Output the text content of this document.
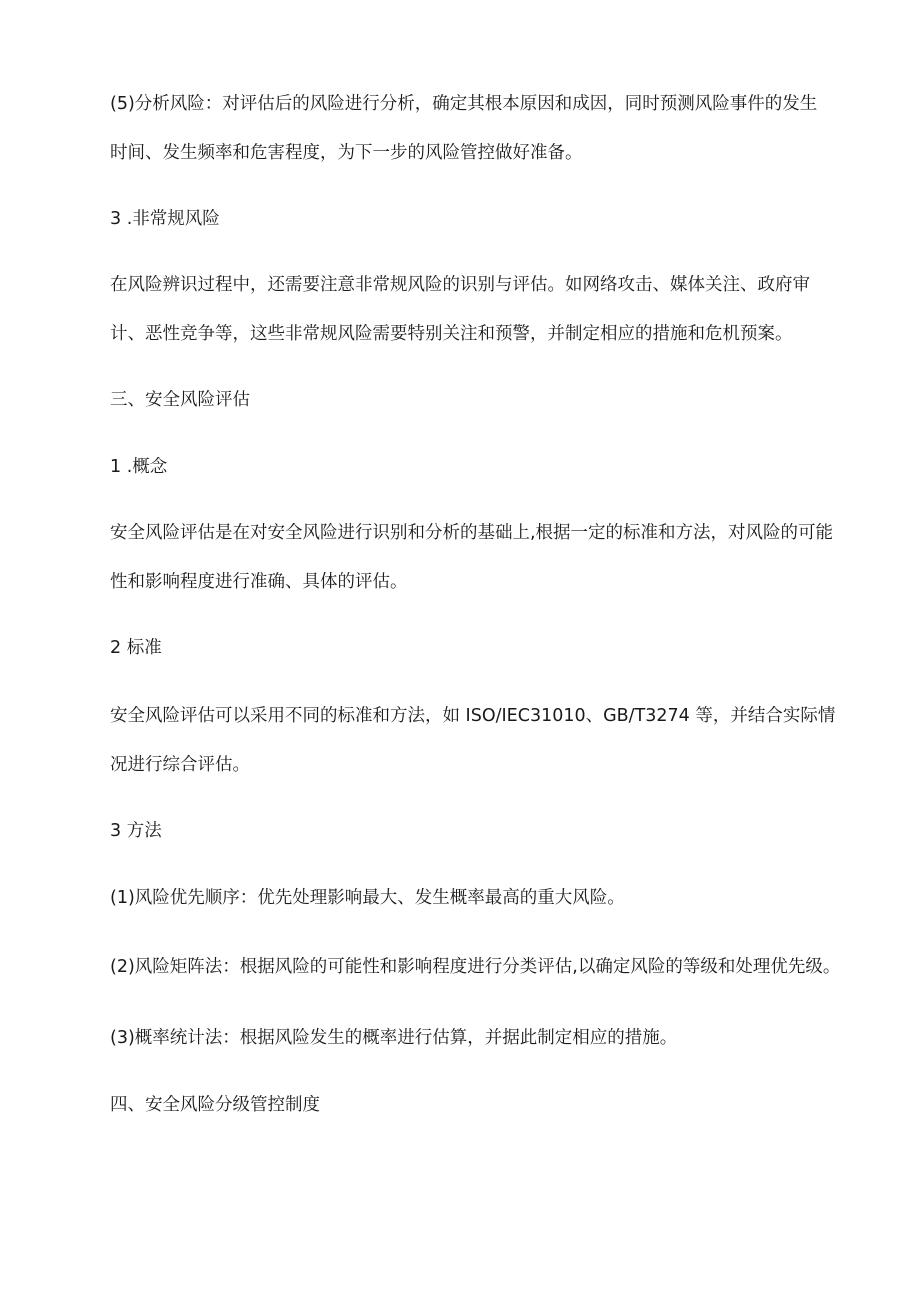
(5)分析风险：对评估后的风险进行分析，确定其根本原因和成因，同时预测风险事件的发生

时间、发生频率和危害程度，为下一步的风险管控做好准备。

3 .非常规风险

在风险辨识过程中，还需要注意非常规风险的识别与评估。如网络攻击、媒体关注、政府审

计、恶性竞争等，这些非常规风险需要特别关注和预警，并制定相应的措施和危机预案。

三、安全风险评估

1 .概念

安全风险评估是在对安全风险进行识别和分析的基础上,根据一定的标准和方法，对风险的可能

性和影响程度进行准确、具体的评估。

2 标准

安全风险评估可以采用不同的标准和方法，如 ISO/IEC31010、GB/T3274 等，并结合实际情

况进行综合评估。

3 方法

(1)风险优先顺序：优先处理影响最大、发生概率最高的重大风险。

(2)风险矩阵法：根据风险的可能性和影响程度进行分类评估,以确定风险的等级和处理优先级。

(3)概率统计法：根据风险发生的概率进行估算，并据此制定相应的措施。

四、安全风险分级管控制度
